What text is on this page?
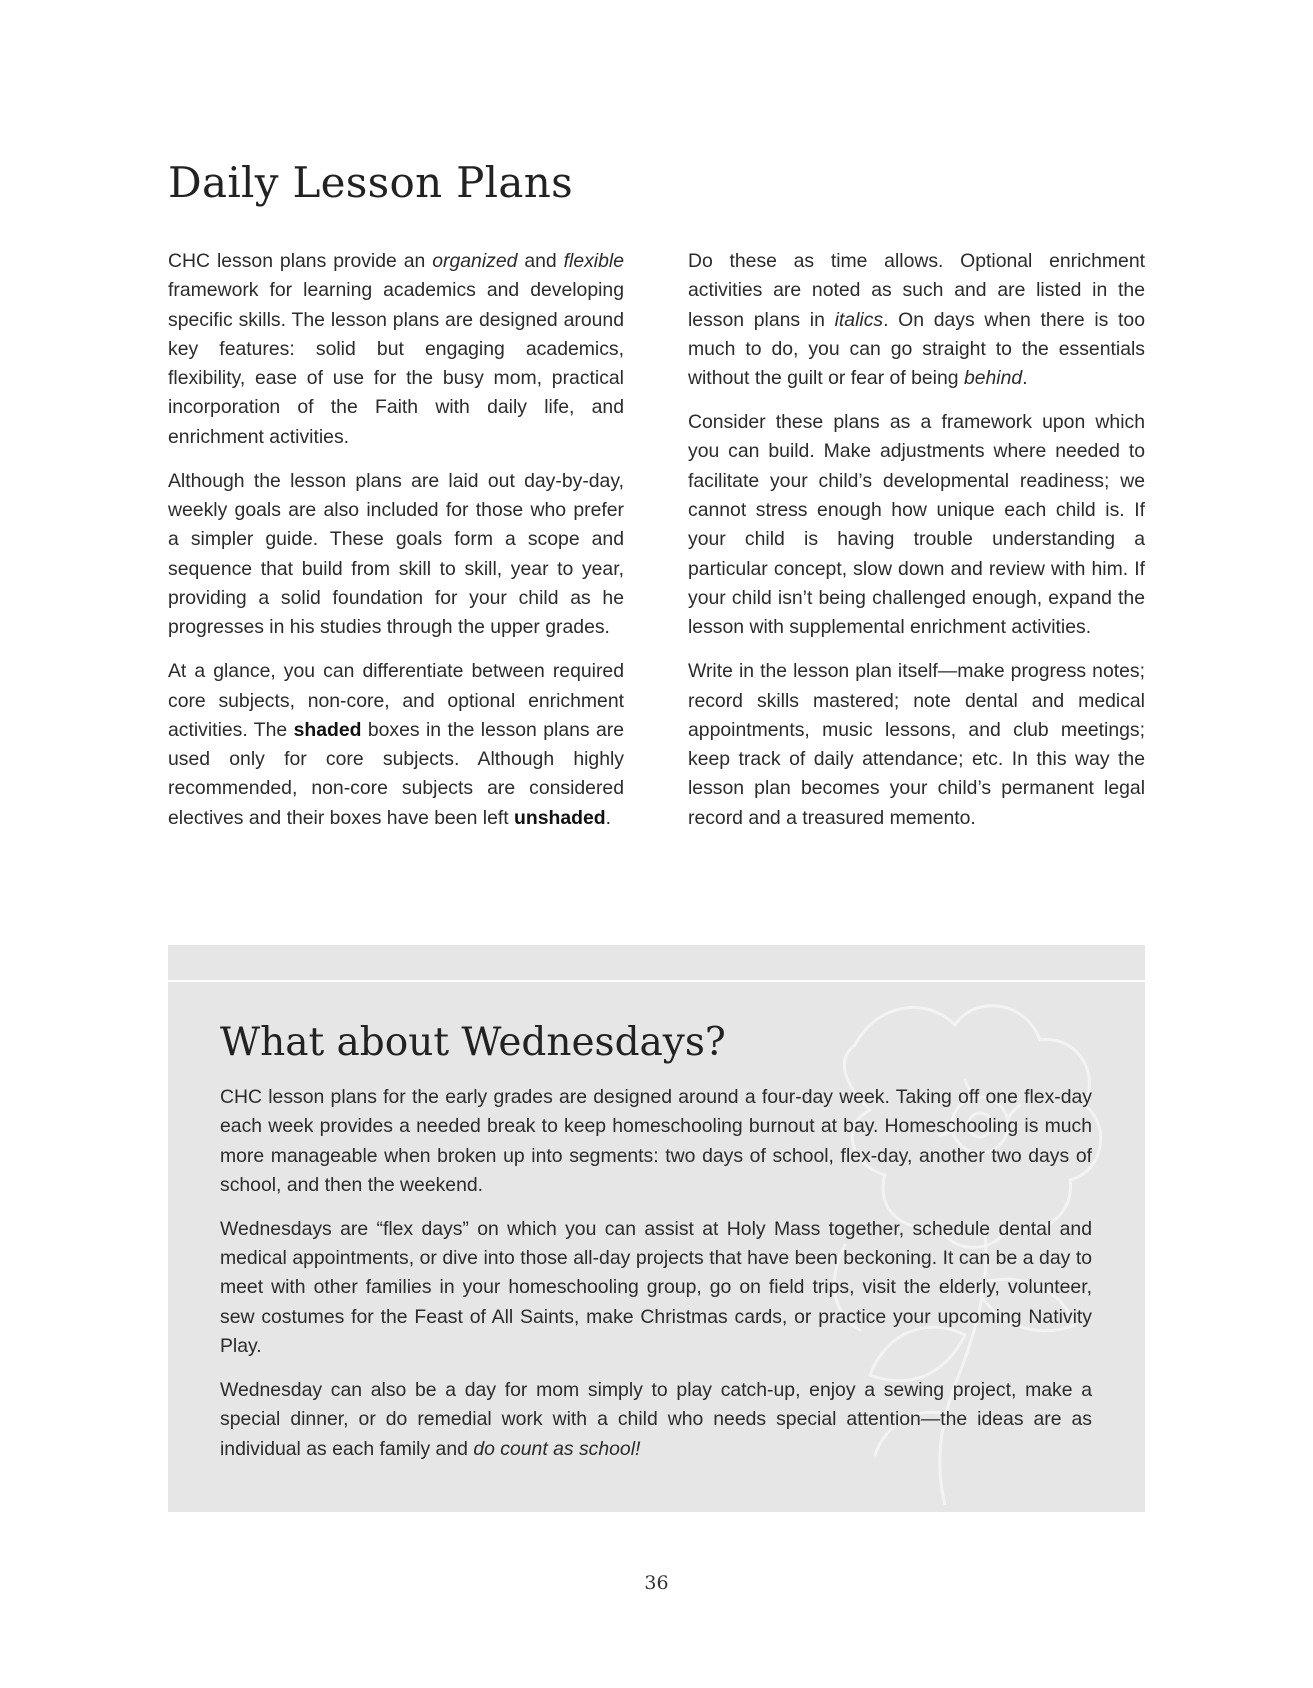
Daily Lesson Plans

CHC lesson plans provide an organized and flexible framework for learning academics and developing specific skills. The lesson plans are designed around key features: solid but engaging academics, flexibility, ease of use for the busy mom, practical incorporation of the Faith with daily life, and enrichment activities.

Although the lesson plans are laid out day-by-day, weekly goals are also included for those who prefer a simpler guide. These goals form a scope and sequence that build from skill to skill, year to year, providing a solid foundation for your child as he progresses in his studies through the upper grades.

At a glance, you can differentiate between required core subjects, non-core, and optional enrichment activities. The shaded boxes in the lesson plans are used only for core subjects. Although highly recommended, non-core subjects are considered electives and their boxes have been left unshaded.

Do these as time allows. Optional enrichment activities are noted as such and are listed in the lesson plans in italics. On days when there is too much to do, you can go straight to the essentials without the guilt or fear of being behind.

Consider these plans as a framework upon which you can build. Make adjustments where needed to facilitate your child’s developmental readiness; we cannot stress enough how unique each child is. If your child is having trouble understanding a particular concept, slow down and review with him. If your child isn’t being challenged enough, expand the lesson with supplemental enrichment activities.

Write in the lesson plan itself—make progress notes; record skills mastered; note dental and medical appointments, music lessons, and club meetings; keep track of daily attendance; etc. In this way the lesson plan becomes your child’s permanent legal record and a treasured memento.

What about Wednesdays?

CHC lesson plans for the early grades are designed around a four-day week. Taking off one flex-day each week provides a needed break to keep homeschooling burnout at bay. Homeschooling is much more manageable when broken up into segments: two days of school, flex-day, another two days of school, and then the weekend.

Wednesdays are “flex days” on which you can assist at Holy Mass together, schedule dental and medical appointments, or dive into those all-day projects that have been beckoning. It can be a day to meet with other families in your homeschooling group, go on field trips, visit the elderly, volunteer, sew costumes for the Feast of All Saints, make Christmas cards, or practice your upcoming Nativity Play.

Wednesday can also be a day for mom simply to play catch-up, enjoy a sewing project, make a special dinner, or do remedial work with a child who needs special attention—the ideas are as individual as each family and do count as school!

36
